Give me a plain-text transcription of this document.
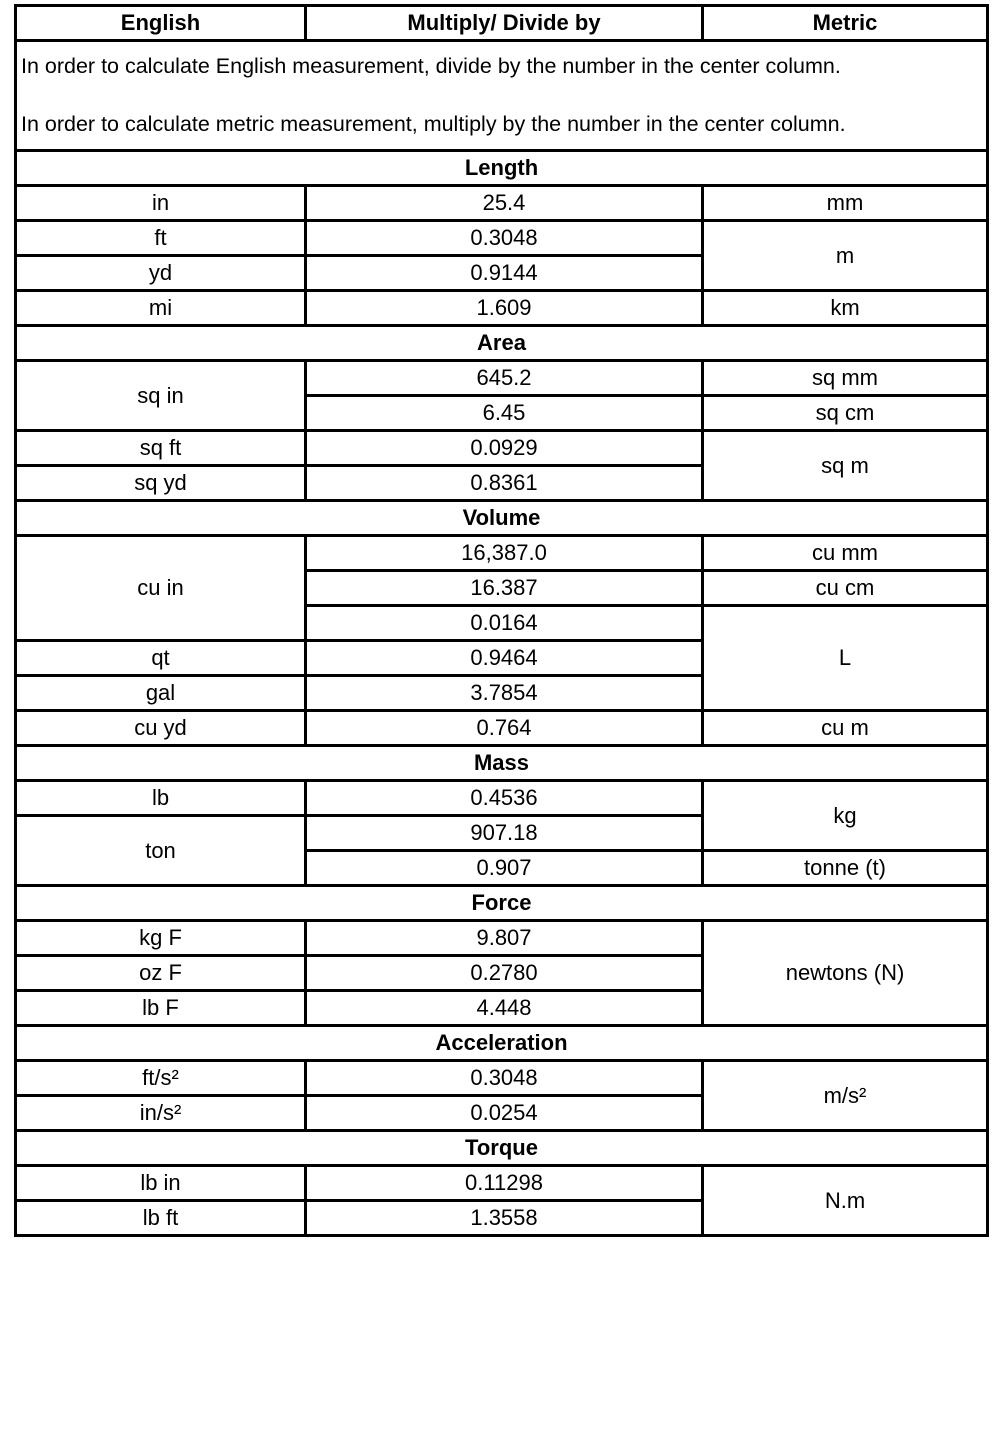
English	Multiply/ Divide by	Metric

In order to calculate English measurement, divide by the number in the center column.

In order to calculate metric measurement, multiply by the number in the center column.		

Length		
in	25.4	mm
ft	0.3048	m
yd	0.9144	
mi	1.609	km
Area		
sq in	645.2	sq mm
	6.45	sq cm
sq ft	0.0929	sq m
sq yd	0.8361	
Volume		
cu in	16,387.0	cu mm
	16.387	cu cm
	0.0164	L
qt	0.9464	
gal	3.7854	
cu yd	0.764	cu m
Mass		
lb	0.4536	kg
ton	907.18	
	0.907	tonne (t)
Force		
kg F	9.807	newtons (N)
oz F	0.2780	
lb F	4.448	
Acceleration		
ft/s²	0.3048	m/s²
in/s²	0.0254	
Torque		
lb in	0.11298	N.m
lb ft	1.3558	
